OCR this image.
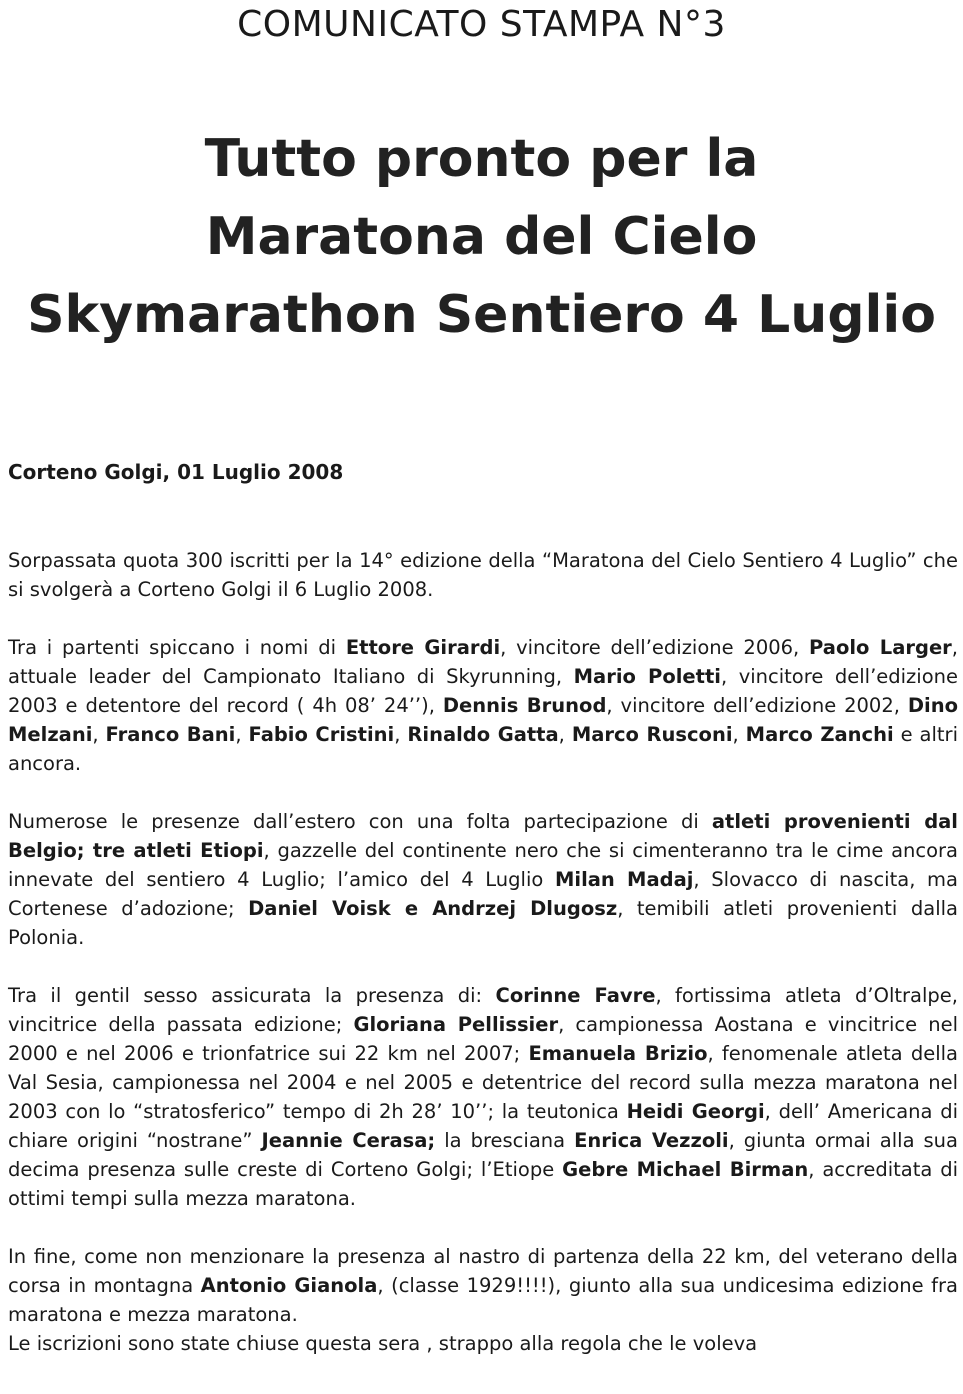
COMUNICATO STAMPA N°3
Tutto pronto per la
Maratona del Cielo
Skymarathon Sentiero 4 Luglio
Corteno Golgi, 01 Luglio 2008

Sorpassata quota 300 iscritti per la 14° edizione della “Maratona del Cielo Sentiero 4 Luglio” che si svolgerà a Corteno Golgi il 6 Luglio 2008.

Tra i partenti spiccano i nomi di Ettore Girardi, vincitore dell’edizione 2006, Paolo Larger, attuale leader del Campionato Italiano di Skyrunning, Mario Poletti, vincitore dell’edizione 2003 e detentore del record ( 4h 08’ 24’’), Dennis Brunod, vincitore dell’edizione 2002, Dino Melzani, Franco Bani, Fabio Cristini, Rinaldo Gatta, Marco Rusconi, Marco Zanchi e altri ancora.

Numerose le presenze dall’estero con una folta partecipazione di atleti provenienti dal Belgio; tre atleti Etiopi, gazzelle del continente nero che si cimenteranno tra le cime ancora innevate del sentiero 4 Luglio; l’amico del 4 Luglio Milan Madaj, Slovacco di nascita, ma Cortenese d’adozione; Daniel Voisk e Andrzej Dlugosz, temibili atleti provenienti dalla Polonia.

Tra il gentil sesso assicurata la presenza di: Corinne Favre, fortissima atleta d’Oltralpe, vincitrice della passata edizione; Gloriana Pellissier, campionessa Aostana e vincitrice nel 2000 e nel 2006 e trionfatrice sui 22 km nel 2007; Emanuela Brizio, fenomenale atleta della Val Sesia, campionessa nel 2004 e nel 2005 e detentrice del record sulla mezza maratona nel 2003 con lo “stratosferico” tempo di 2h 28’ 10’’; la teutonica Heidi Georgi, dell’ Americana di chiare origini “nostrane” Jeannie Cerasa; la bresciana Enrica Vezzoli, giunta ormai alla sua decima presenza sulle creste di Corteno Golgi; l’Etiope Gebre Michael Birman, accreditata di ottimi tempi sulla mezza maratona.

In fine, come non menzionare la presenza al nastro di partenza della 22 km, del veterano della corsa in montagna Antonio Gianola, (classe 1929!!!!), giunto alla sua undicesima edizione fra maratona e mezza maratona.

Le iscrizioni sono state chiuse questa sera , strappo alla regola che le voleva
